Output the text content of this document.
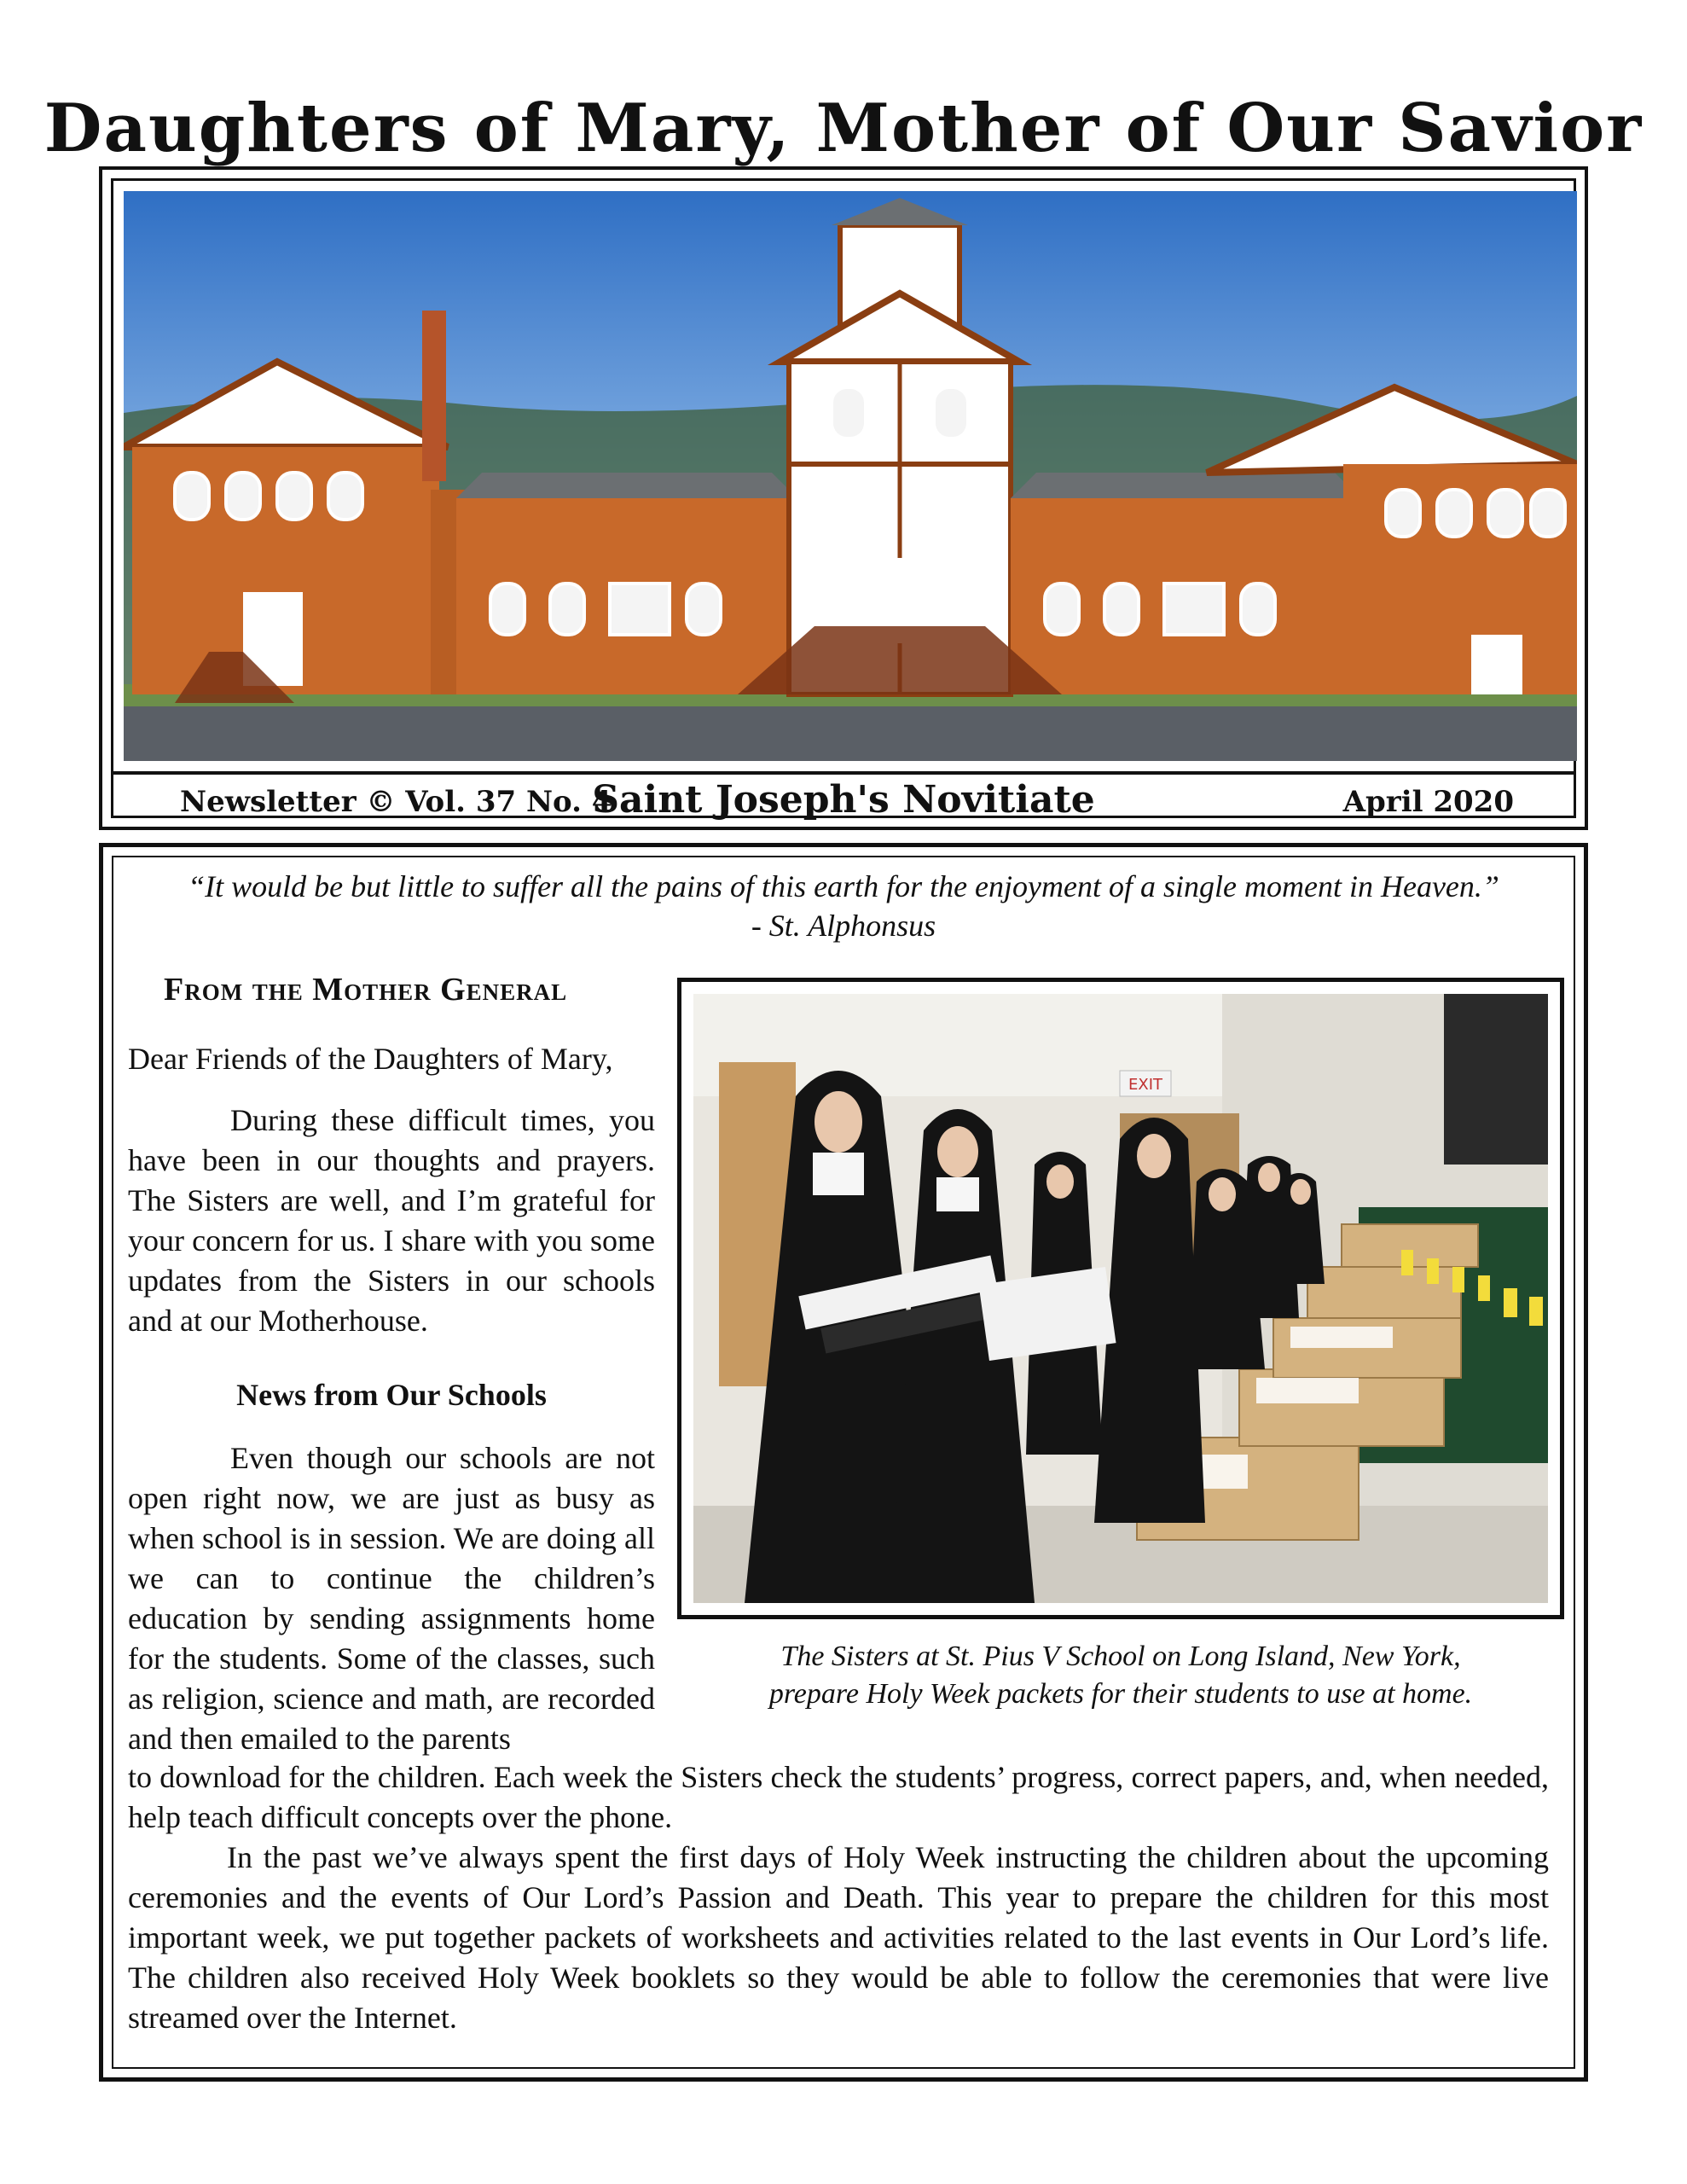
Daughters of Mary, Mother of Our Savior
Newsletter © Vol. 37 No. 4
Saint Joseph's Novitiate	April 2020
“It would be but little to suffer all the pains of this earth for the enjoyment of a single moment in Heaven.”
- St. Alphonsus
From the Mother General
Dear Friends of the Daughters of Mary,

During these difficult times, you have been in our thoughts and prayers. The Sisters are well, and I’m grateful for your concern for us. I share with you some updates from the Sisters in our schools and at our Motherhouse.

News from Our Schools

Even though our schools are not open right now, we are just as busy as when school is in session. We are doing all we can to continue the children’s education by sending assignments home for the students. Some of the classes, such as religion, science and math, are recorded and then emailed to the parents

to download for the children. Each week the Sisters check the students’ progress, correct papers, and, when needed, help teach difficult concepts over the phone.

In the past we’ve always spent the first days of Holy Week instructing the children about the upcoming ceremonies and the events of Our Lord’s Passion and Death. This year to prepare the children for this most important week, we put together packets of worksheets and activities related to the last events in Our Lord’s life. The children also received Holy Week booklets so they would be able to follow the ceremonies that were live streamed over the Internet.

EXIT
The Sisters at St. Pius V School on Long Island, New York,
prepare Holy Week packets for their students to use at home.
